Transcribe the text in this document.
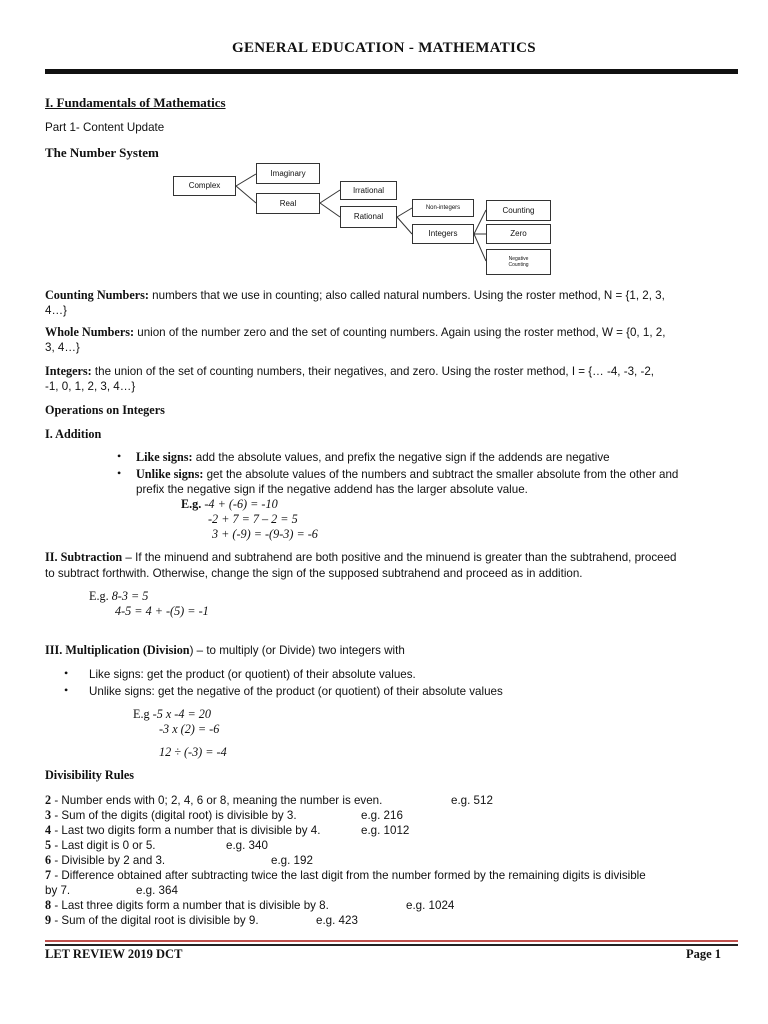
GENERAL EDUCATION - MATHEMATICS
I. Fundamentals of Mathematics
Part 1- Content Update
The Number System
Complex
Imaginary
Real
Irrational
Rational
Non-integers
Integers
Counting
Zero
Negative
Counting
Counting Numbers: numbers that we use in counting; also called natural numbers. Using the roster method, N = {1, 2, 3,
4…}
Whole Numbers: union of the number zero and the set of counting numbers. Again using the roster method, W = {0, 1, 2,
3, 4…}
Integers: the union of the set of counting numbers, their negatives, and zero. Using the roster method, I = {… -4, -3, -2,
-1, 0, 1, 2, 3, 4…}
Operations on Integers
I. Addition
• Like signs: add the absolute values, and prefix the negative sign if the addends are negative
• Unlike signs: get the absolute values of the numbers and subtract the smaller absolute from the other and
prefix the negative sign if the negative addend has the larger absolute value.
E.g. -4 + (-6) = -10
-2 + 7 = 7 – 2 = 5
3 + (-9) = -(9-3) = -6
II. Subtraction – If the minuend and subtrahend are both positive and the minuend is greater than the subtrahend, proceed
to subtract forthwith. Otherwise, change the sign of the supposed subtrahend and proceed as in addition.
E.g. 8-3 = 5
4-5 = 4 + -(5) = -1
III. Multiplication (Division) – to multiply (or Divide) two integers with
• Like signs: get the product (or quotient) of their absolute values.
• Unlike signs: get the negative of the product (or quotient) of their absolute values
E.g -5 x -4 = 20
-3 x (2) = -6
12 ÷ (-3) = -4
Divisibility Rules
2 - Number ends with 0; 2, 4, 6 or 8, meaning the number is even.	e.g. 512
3 - Sum of the digits (digital root) is divisible by 3.	e.g. 216
4 - Last two digits form a number that is divisible by 4.	e.g. 1012
5 - Last digit is 0 or 5.	e.g. 340
6 - Divisible by 2 and 3.	e.g. 192
7 - Difference obtained after subtracting twice the last digit from the number formed by the remaining digits is divisible
by 7.	e.g. 364
8 - Last three digits form a number that is divisible by 8.	e.g. 1024
9 - Sum of the digital root is divisible by 9.	e.g. 423
LET REVIEW 2019 DCT	Page 1
